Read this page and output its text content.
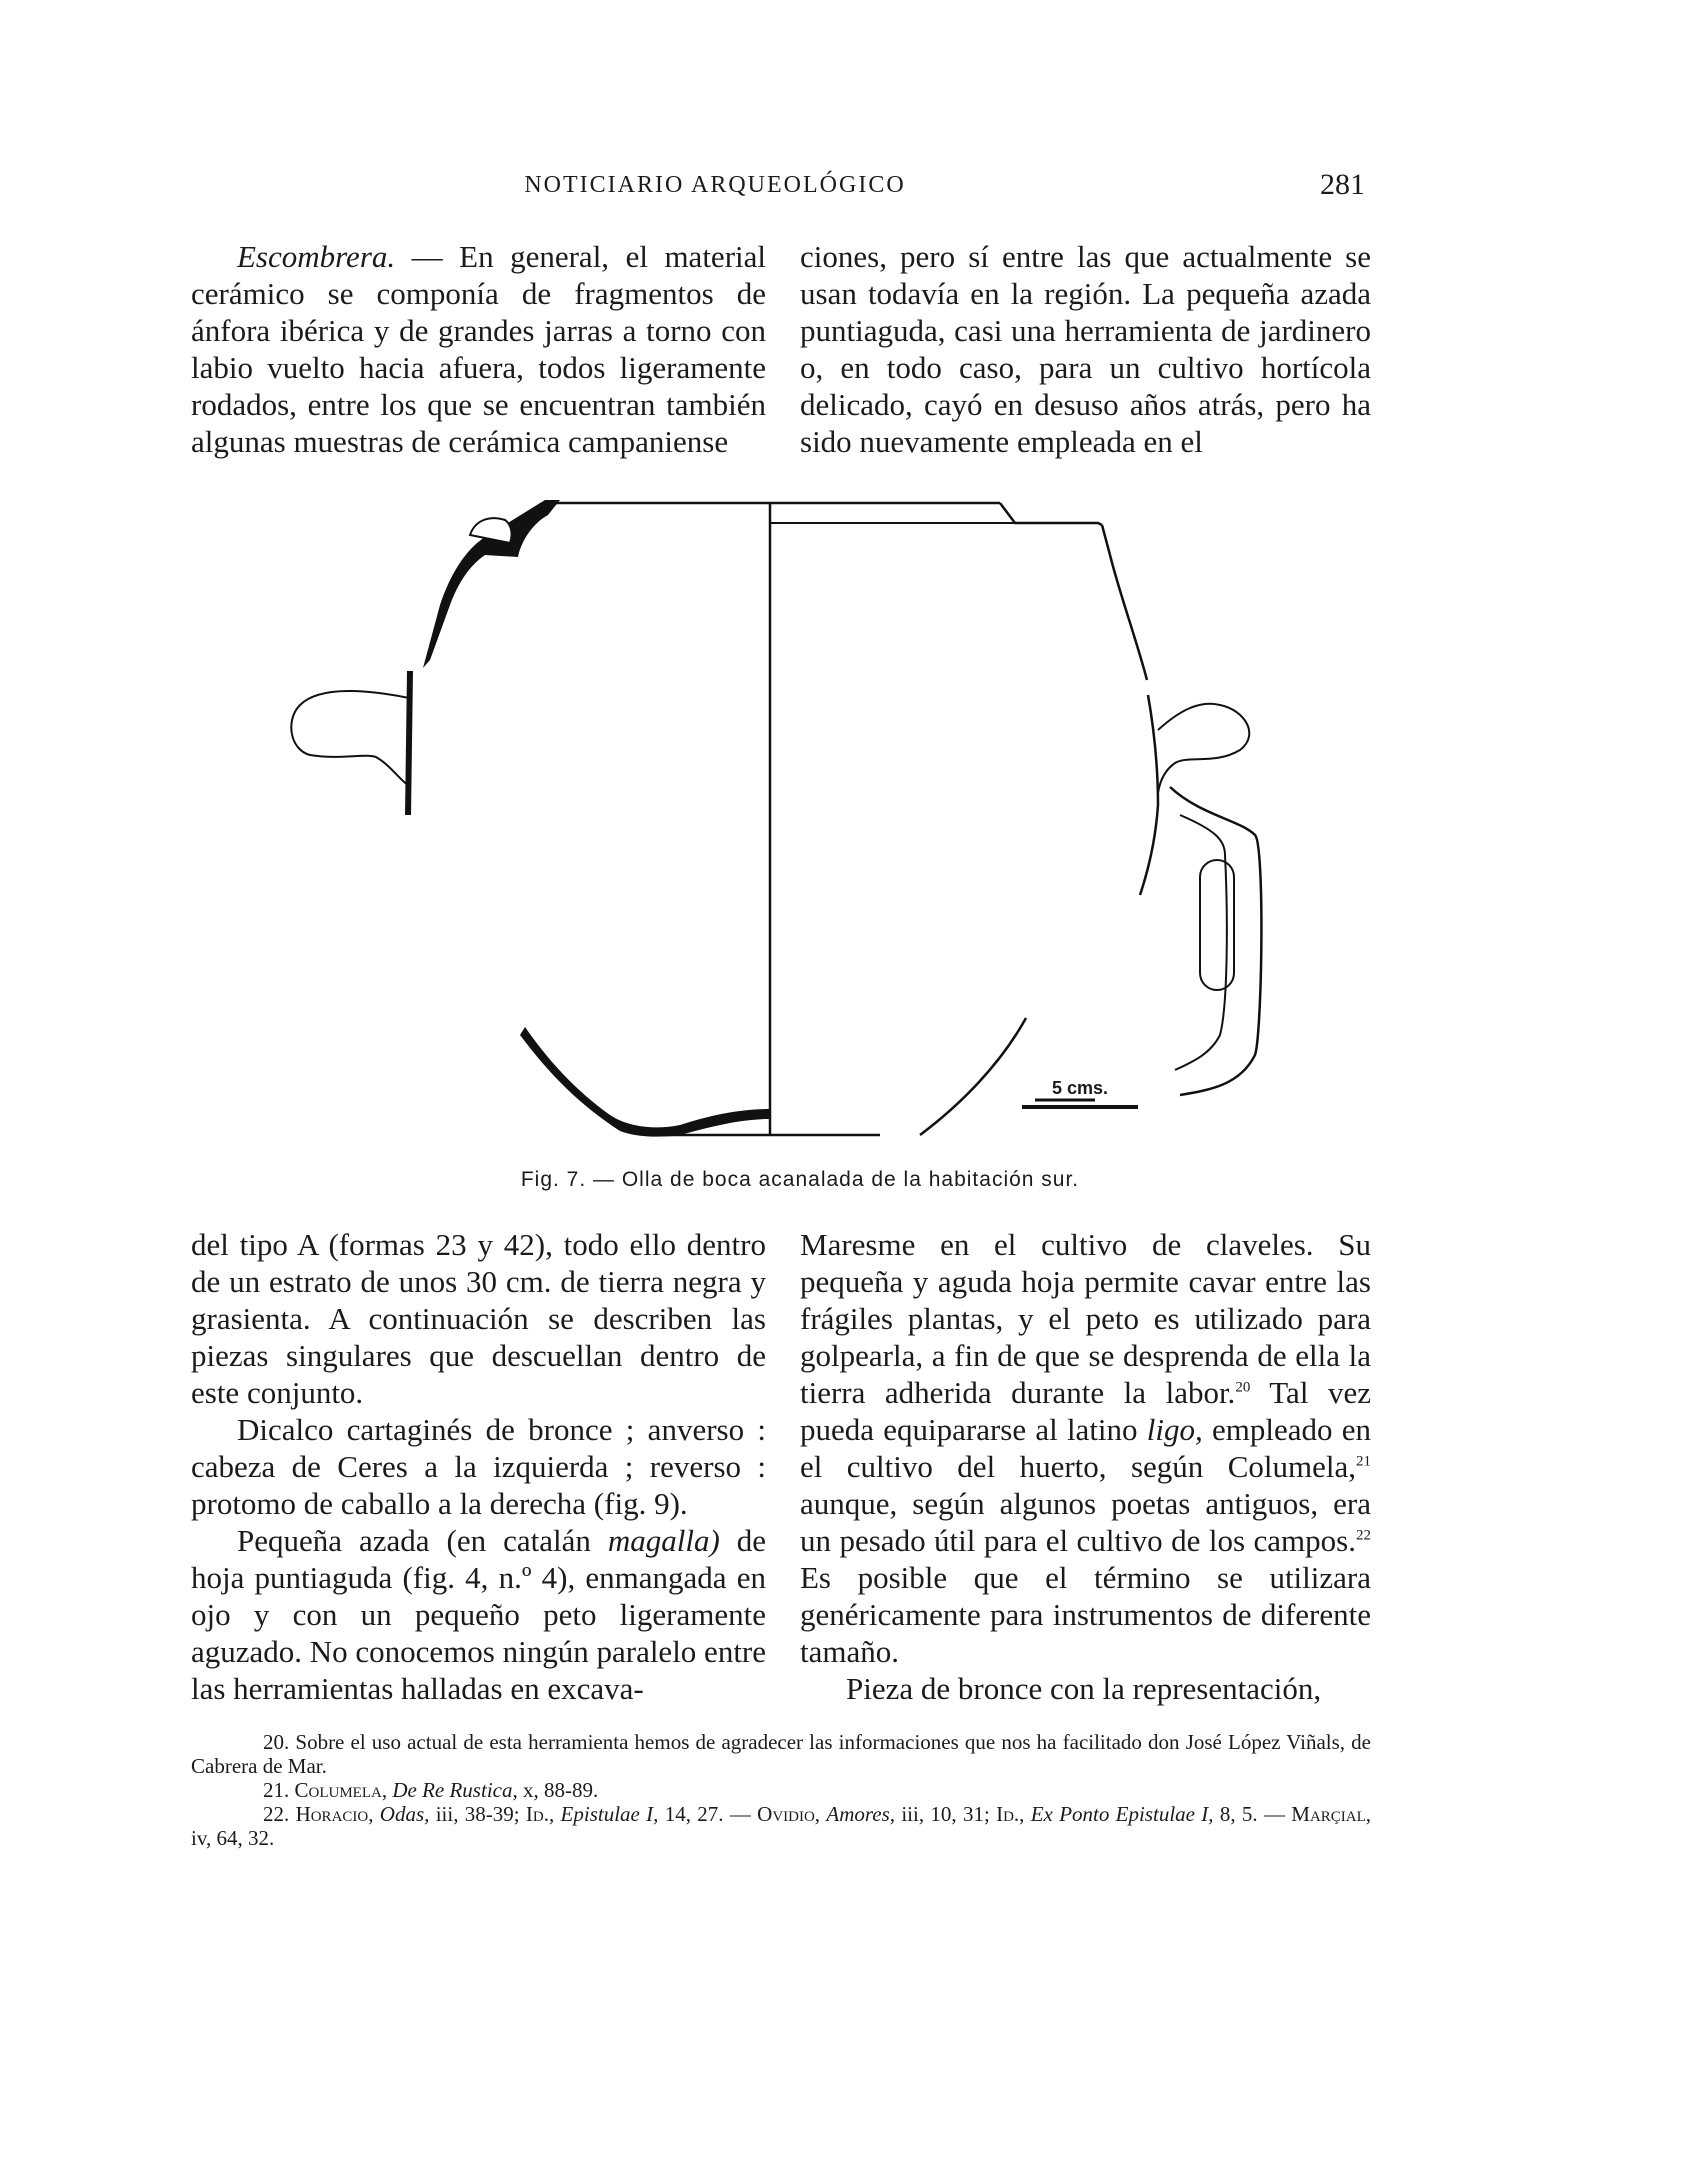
NOTICIARIO ARQUEOLÓGICO	281

Escombrera. — En general, el material cerámico se componía de fragmentos de ánfora ibérica y de grandes jarras a torno con labio vuelto hacia afuera, todos ligeramente rodados, entre los que se encuentran también algunas muestras de cerámica campaniense

ciones, pero sí entre las que actualmente se usan todavía en la región. La pequeña azada puntiaguda, casi una herramienta de jardinero o, en todo caso, para un cultivo hortícola delicado, cayó en desuso años atrás, pero ha sido nuevamente empleada en el

5 cms.
Fig. 7. — Olla de boca acanalada de la habitación sur.

del tipo A (formas 23 y 42), todo ello dentro de un estrato de unos 30 cm. de tierra negra y grasienta. A continuación se describen las piezas singulares que descuellan dentro de este conjunto.

Dicalco cartaginés de bronce ; anverso : cabeza de Ceres a la izquierda ; reverso : protomo de caballo a la derecha (fig. 9).

Pequeña azada (en catalán magalla) de hoja puntiaguda (fig. 4, n.º 4), enmangada en ojo y con un pequeño peto ligeramente aguzado. No conocemos ningún paralelo entre las herramientas halladas en excava-

Maresme en el cultivo de claveles. Su pequeña y aguda hoja permite cavar entre las frágiles plantas, y el peto es utilizado para golpearla, a fin de que se desprenda de ella la tierra adherida durante la labor.$^{20}$ Tal vez pueda equipararse al latino ligo, empleado en el cultivo del huerto, según Columela,$^{21}$ aunque, según algunos poetas antiguos, era un pesado útil para el cultivo de los campos.$^{22}$ Es posible que el término se utilizara genéricamente para instrumentos de diferente tamaño.

Pieza de bronce con la representación,

20. Sobre el uso actual de esta herramienta hemos de agradecer las informaciones que nos ha facilitado don José López Viñals, de Cabrera de Mar.

21. Columela, De Re Rustica, x, 88-89.

22. Horacio, Odas, iii, 38-39; Id., Epistulae I, 14, 27. — Ovidio, Amores, iii, 10, 31; Id., Ex Ponto Epistulae I, 8, 5. — Marçial, iv, 64, 32.
